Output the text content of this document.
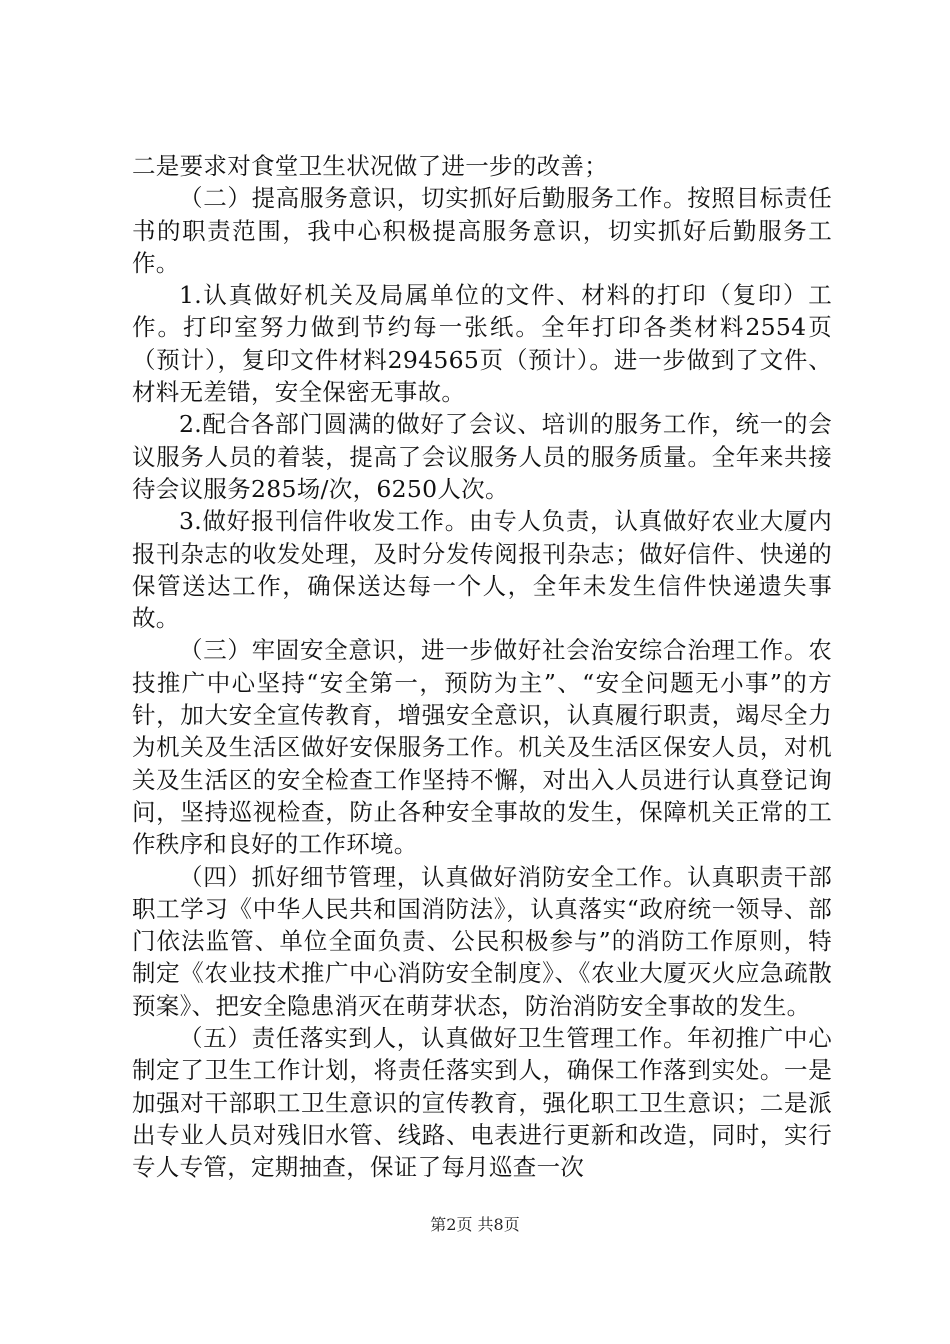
二是要求对食堂卫生状况做了进一步的改善；

（二）提高服务意识，切实抓好后勤服务工作。按照目标责任书的职责范围，我中心积极提高服务意识，切实抓好后勤服务工作。

1.认真做好机关及局属单位的文件、材料的打印（复印）工作。打印室努力做到节约每一张纸。全年打印各类材料2554页（预计），复印文件材料294565页（预计）。进一步做到了文件、材料无差错，安全保密无事故。

2.配合各部门圆满的做好了会议、培训的服务工作，统一的会议服务人员的着装，提高了会议服务人员的服务质量。全年来共接待会议服务285场/次，6250人次。

3.做好报刊信件收发工作。由专人负责，认真做好农业大厦内报刊杂志的收发处理，及时分发传阅报刊杂志；做好信件、快递的保管送达工作，确保送达每一个人，全年未发生信件快递遗失事故。

（三）牢固安全意识，进一步做好社会治安综合治理工作。农技推广中心坚持“安全第一，预防为主”、“安全问题无小事”的方针，加大安全宣传教育，增强安全意识，认真履行职责，竭尽全力为机关及生活区做好安保服务工作。机关及生活区保安人员，对机关及生活区的安全检查工作坚持不懈，对出入人员进行认真登记询问，坚持巡视检查，防止各种安全事故的发生，保障机关正常的工作秩序和良好的工作环境。

（四）抓好细节管理，认真做好消防安全工作。认真职责干部职工学习《中华人民共和国消防法》，认真落实“政府统一领导、部门依法监管、单位全面负责、公民积极参与”的消防工作原则，特制定《农业技术推广中心消防安全制度》、《农业大厦灭火应急疏散预案》、把安全隐患消灭在萌芽状态，防治消防安全事故的发生。

（五）责任落实到人，认真做好卫生管理工作。年初推广中心制定了卫生工作计划，将责任落实到人，确保工作落到实处。一是加强对干部职工卫生意识的宣传教育，强化职工卫生意识；二是派出专业人员对残旧水管、线路、电表进行更新和改造，同时，实行专人专管，定期抽查，保证了每月巡查一次

第2页 共8页
